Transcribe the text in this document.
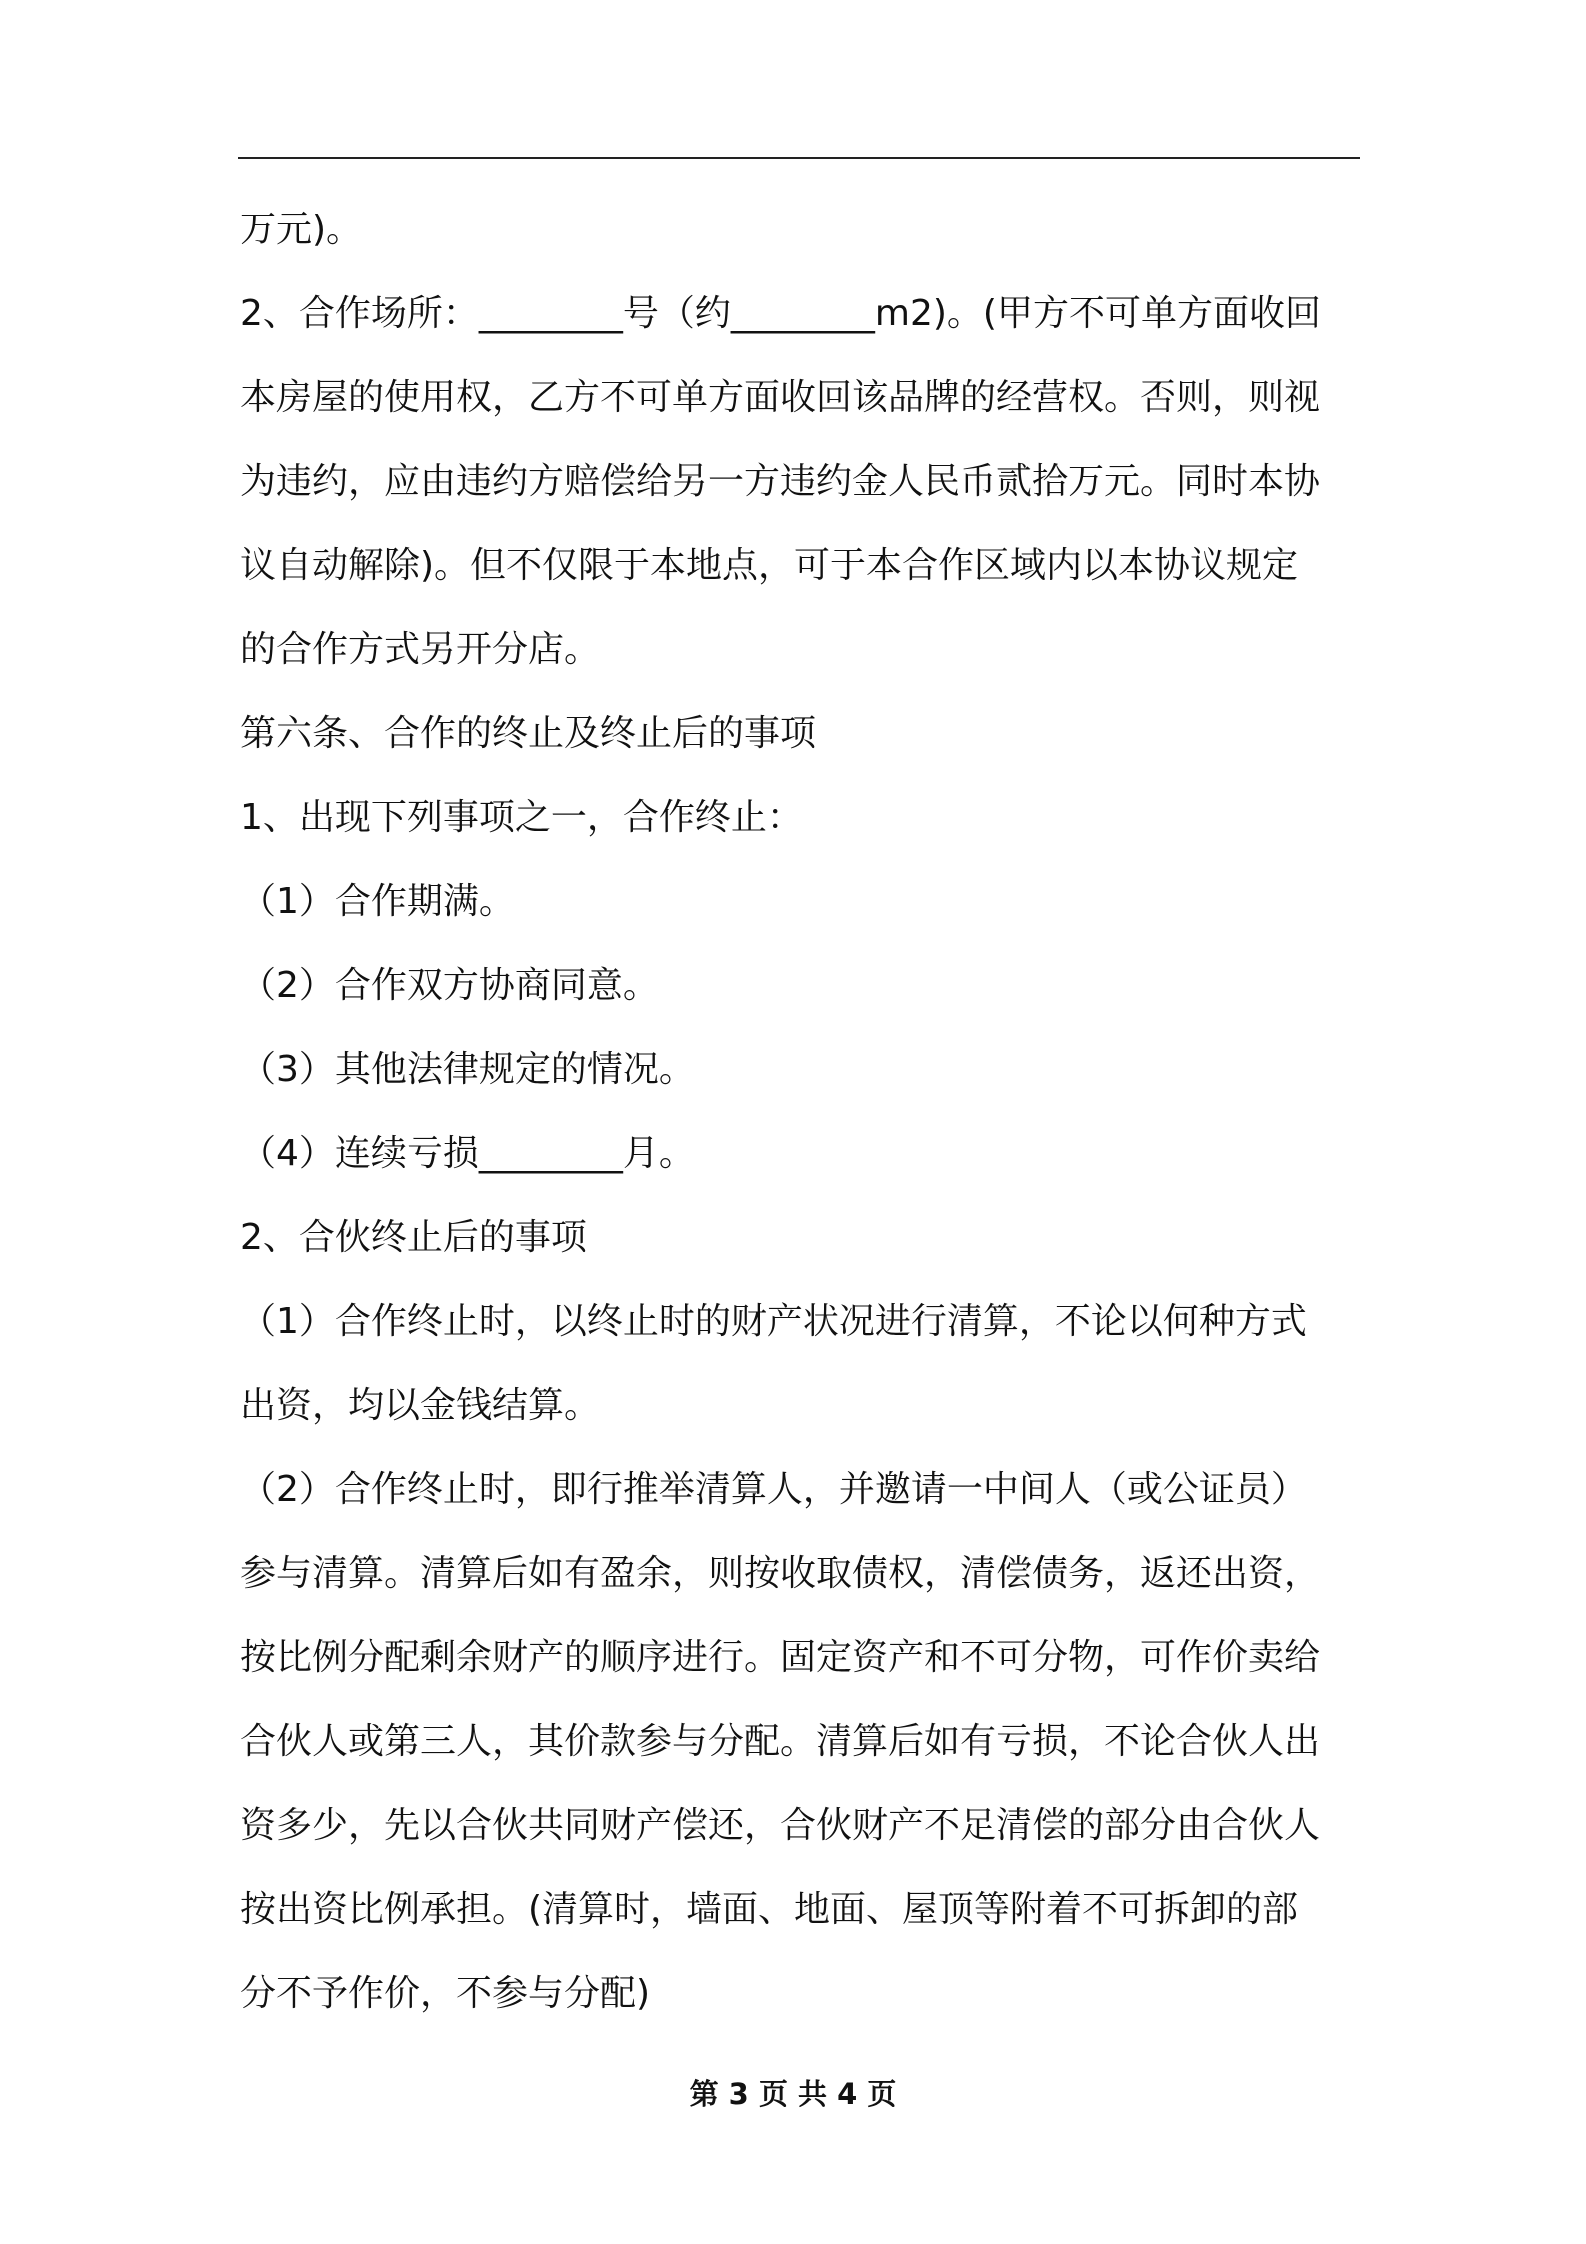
万元)。
2、合作场所：________号（约________m2)。(甲方不可单方面收回
本房屋的使用权，乙方不可单方面收回该品牌的经营权。否则，则视
为违约，应由违约方赔偿给另一方违约金人民币贰拾万元。同时本协
议自动解除)。但不仅限于本地点，可于本合作区域内以本协议规定
的合作方式另开分店。
第六条、合作的终止及终止后的事项
1、出现下列事项之一，合作终止：
（1）合作期满。
（2）合作双方协商同意。
（3）其他法律规定的情况。
（4）连续亏损________月。
2、合伙终止后的事项
（1）合作终止时，以终止时的财产状况进行清算，不论以何种方式
出资，均以金钱结算。
（2）合作终止时，即行推举清算人，并邀请一中间人（或公证员）
参与清算。清算后如有盈余，则按收取债权，清偿债务，返还出资，
按比例分配剩余财产的顺序进行。固定资产和不可分物，可作价卖给
合伙人或第三人，其价款参与分配。清算后如有亏损，不论合伙人出
资多少，先以合伙共同财产偿还，合伙财产不足清偿的部分由合伙人
按出资比例承担。(清算时，墙面、地面、屋顶等附着不可拆卸的部
分不予作价，不参与分配)
第 3 页 共 4 页
